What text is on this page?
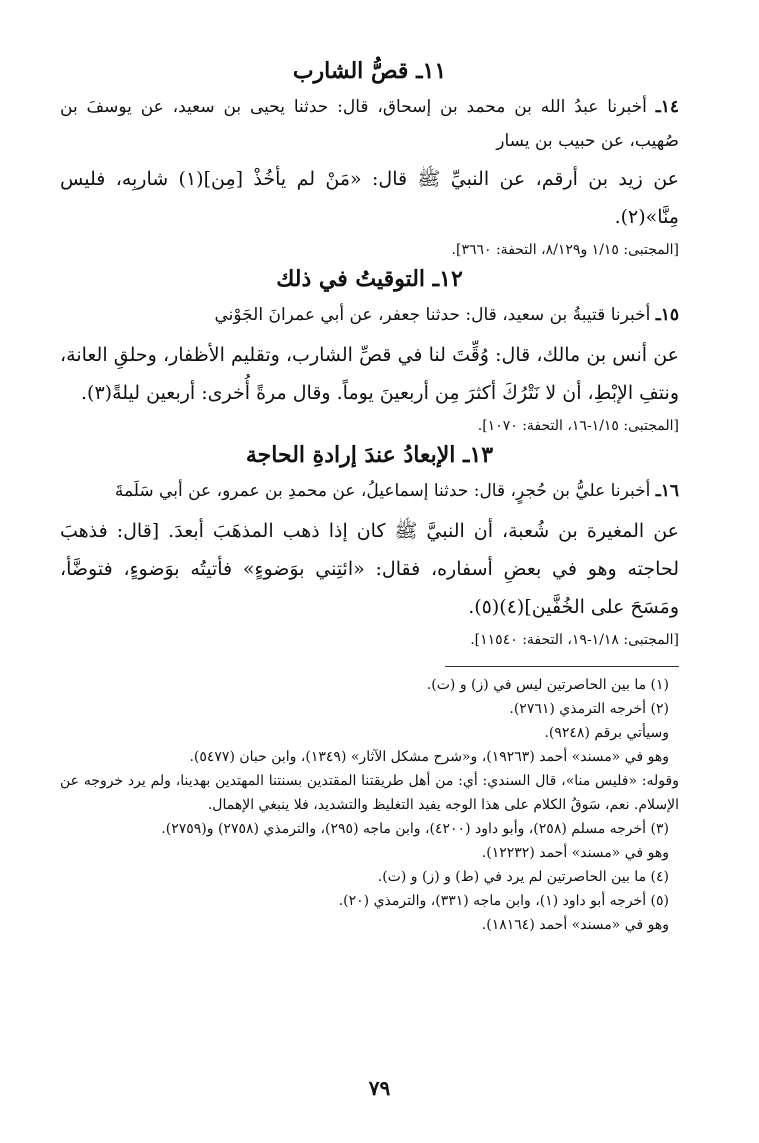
١١ـ قصُّ الشارب

١٤ـ أخبرنا عبدُ الله بن محمد بن إسحاق، قال: حدثنا يحيى بن سعيد، عن يوسفَ بن صُهيب، عن حبيب بن يسار

عن زيد بن أرقم، عن النبيِّ ﷺ قال: «مَنْ لم يأخُذْ [مِن](١) شاربِه، فليس مِنَّا»(٢).

[المجتبى: ١/١٥ و٨/١٢٩، التحفة: ٣٦٦٠].

١٢ـ التوقيتُ في ذلك

١٥ـ أخبرنا قتيبةُ بن سعيد، قال: حدثنا جعفر، عن أبي عمرانَ الجَوْني

عن أنس بن مالك، قال: وُقِّتَ لنا في قصِّ الشارب، وتقليم الأظفار، وحلقِ العانة، ونتفِ الإبْطِ، أن لا نَتْرُكَ أكثرَ مِن أربعينَ يوماً. وقال مرةً أُخرى: أربعين ليلةً(٣).

[المجتبى: ١/١٥-١٦، التحفة: ١٠٧٠].

١٣ـ الإبعادُ عندَ إرادةِ الحاجة

١٦ـ أخبرنا عليُّ بن حُجرٍ، قال: حدثنا إسماعيلُ، عن محمدِ بن عمرو، عن أبي سَلَمةَ

عن المغيرة بن شُعبة، أن النبيَّ ﷺ كان إذا ذهب المذهَبَ أبعدَ. [قال: فذهبَ لحاجته وهو في بعضِ أسفاره، فقال: «ائتِني بوَضوءٍ» فأتيتُه بوَضوءٍ، فتوضَّأ، ومَسَحَ على الخُفَّين](٤)(٥).

[المجتبى: ١/١٨-١٩، التحفة: ١١٥٤٠].

(١) ما بين الحاصرتين ليس في (ز) و (ت).

(٢) أخرجه الترمذي (٢٧٦١).

وسيأتي برقم (٩٢٤٨).

وهو في «مسند» أحمد (١٩٢٦٣)، و«شرح مشكل الآثار» (١٣٤٩)، وابن حبان (٥٤٧٧).

وقوله: «فليس منا»، قال السندي: أي: من أهل طريقتنا المقتدين بسنتنا المهتدين بهدينا، ولم يرد خروجه عن الإسلام. نعم، سَوقُ الكلام على هذا الوجه يفيد التغليظ والتشديد، فلا ينبغي الإهمال.

(٣) أخرجه مسلم (٢٥٨)، وأبو داود (٤٢٠٠)، وابن ماجه (٢٩٥)، والترمذي (٢٧٥٨) و(٢٧٥٩).

وهو في «مسند» أحمد (١٢٢٣٢).

(٤) ما بين الحاصرتين لم يرد في (ط) و (ز) و (ت).

(٥) أخرجه أبو داود (١)، وابن ماجه (٣٣١)، والترمذي (٢٠).

وهو في «مسند» أحمد (١٨١٦٤).

٧٩
